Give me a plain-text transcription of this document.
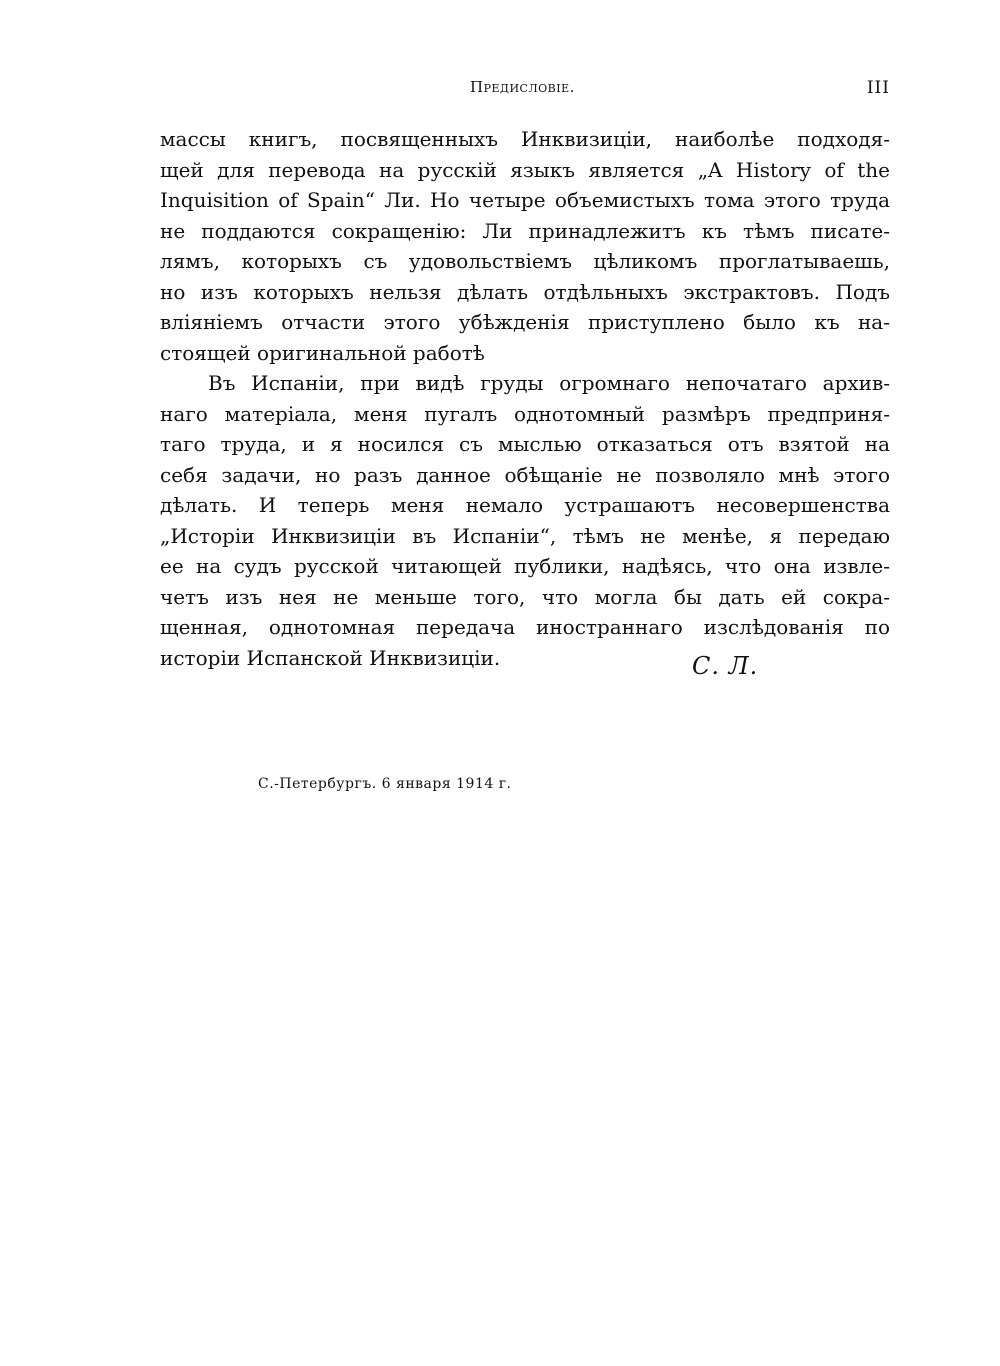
Предисловiе.	III
массы книгъ, посвященныхъ Инквизицiи, наиболѣе подходя-
щей для перевода на русскiй языкъ является „A History of the
Inquisition of Spain“ Ли. Но четыре объемистыхъ тома этого труда
не поддаются сокращенiю: Ли принадлежитъ къ тѣмъ писате-
лямъ, которыхъ съ удовольствiемъ цѣликомъ проглатываешь,
но изъ которыхъ нельзя дѣлать отдѣльныхъ экстрактовъ. Подъ
влiянiемъ отчасти этого убѣжденiя приступлено было къ на-
стоящей оригинальной работѣ
Въ Испанiи, при видѣ груды огромнаго непочатаго архив-
наго матерiала, меня пугалъ однотомный размѣръ предприня-
таго труда, и я носился съ мыслью отказаться отъ взятой на
себя задачи, но разъ данное обѣщанiе не позволяло мнѣ этого
дѣлать. И теперь меня немало устрашаютъ несовершенства
„Исторiи Инквизицiи въ Испанiи“, тѣмъ не менѣе, я передаю
ее на судъ русской читающей публики, надѣясь, что она извле-
четъ изъ нея не меньше того, что могла бы дать ей сокра-
щенная, однотомная передача иностраннаго изслѣдованiя по
исторiи Испанской Инквизицiи.	С. Л.
С.-Петербургъ. 6 января 1914 г.
